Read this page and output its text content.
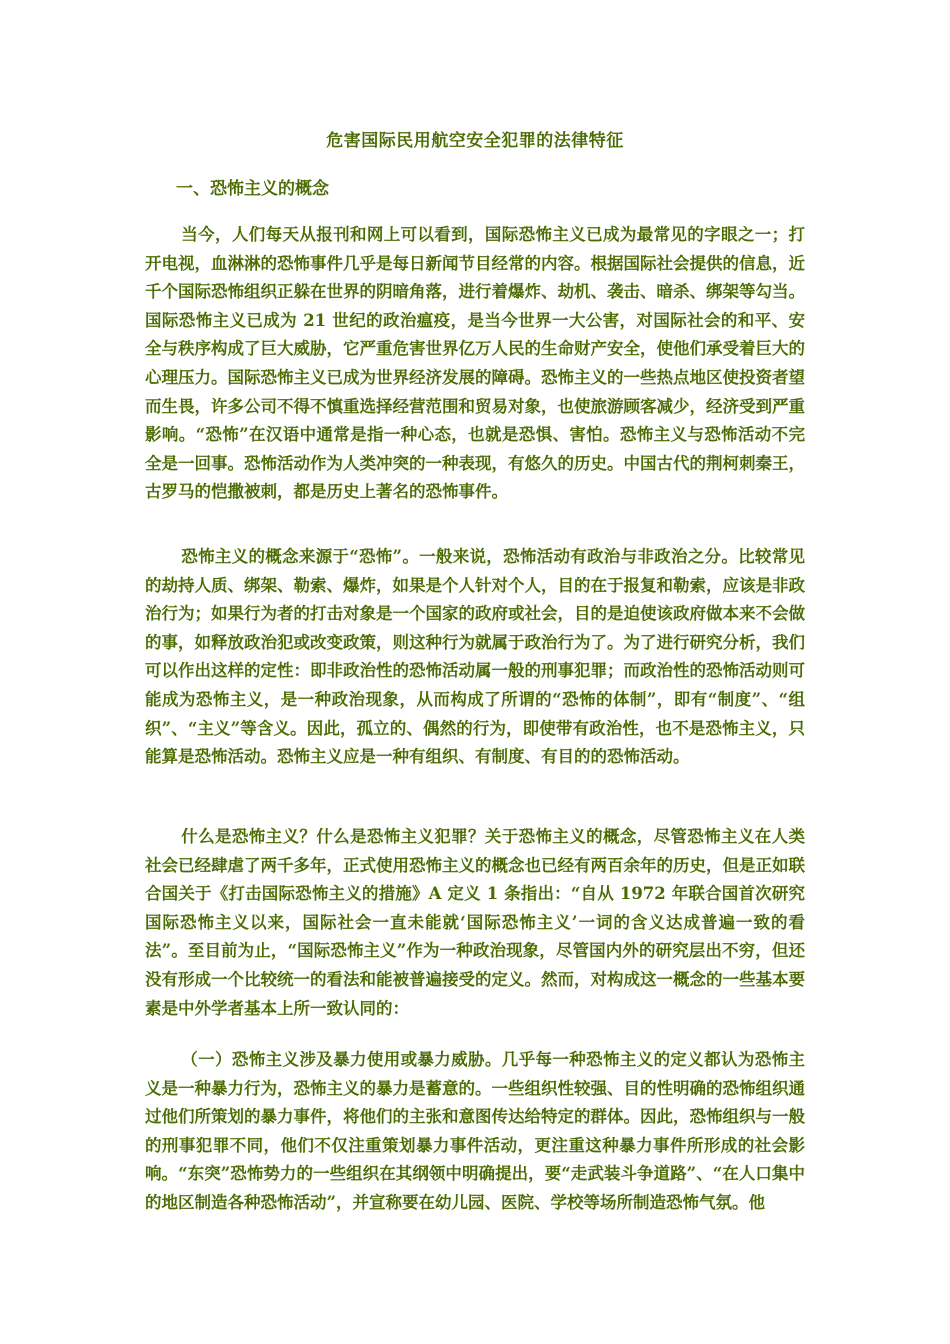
危害国际民用航空安全犯罪的法律特征
一、恐怖主义的概念

当今，人们每天从报刊和网上可以看到，国际恐怖主义已成为最常见的字眼之一；打开电视，血淋淋的恐怖事件几乎是每日新闻节目经常的内容。根据国际社会提供的信息，近千个国际恐怖组织正躲在世界的阴暗角落，进行着爆炸、劫机、袭击、暗杀、绑架等勾当。国际恐怖主义已成为 21 世纪的政治瘟疫，是当今世界一大公害，对国际社会的和平、安全与秩序构成了巨大威胁，它严重危害世界亿万人民的生命财产安全，使他们承受着巨大的心理压力。国际恐怖主义已成为世界经济发展的障碍。恐怖主义的一些热点地区使投资者望而生畏，许多公司不得不慎重选择经营范围和贸易对象，也使旅游顾客减少，经济受到严重影响。“恐怖”在汉语中通常是指一种心态，也就是恐惧、害怕。恐怖主义与恐怖活动不完全是一回事。恐怖活动作为人类冲突的一种表现，有悠久的历史。中国古代的荆柯刺秦王，古罗马的恺撒被刺，都是历史上著名的恐怖事件。

恐怖主义的概念来源于“恐怖”。一般来说，恐怖活动有政治与非政治之分。比较常见的劫持人质、绑架、勒索、爆炸，如果是个人针对个人，目的在于报复和勒索，应该是非政治行为；如果行为者的打击对象是一个国家的政府或社会，目的是迫使该政府做本来不会做的事，如释放政治犯或改变政策，则这种行为就属于政治行为了。为了进行研究分析，我们可以作出这样的定性：即非政治性的恐怖活动属一般的刑事犯罪；而政治性的恐怖活动则可能成为恐怖主义，是一种政治现象，从而构成了所谓的“恐怖的体制”，即有“制度”、“组织”、“主义”等含义。因此，孤立的、偶然的行为，即使带有政治性，也不是恐怖主义，只能算是恐怖活动。恐怖主义应是一种有组织、有制度、有目的的恐怖活动。

什么是恐怖主义？什么是恐怖主义犯罪？关于恐怖主义的概念，尽管恐怖主义在人类社会已经肆虐了两千多年，正式使用恐怖主义的概念也已经有两百余年的历史，但是正如联合国关于《打击国际恐怖主义的措施》A 定义 1 条指出：“自从 1972 年联合国首次研究国际恐怖主义以来，国际社会一直未能就‘国际恐怖主义’一词的含义达成普遍一致的看法”。至目前为止，“国际恐怖主义”作为一种政治现象，尽管国内外的研究层出不穷，但还没有形成一个比较统一的看法和能被普遍接受的定义。然而，对构成这一概念的一些基本要素是中外学者基本上所一致认同的：

（一）恐怖主义涉及暴力使用或暴力威胁。几乎每一种恐怖主义的定义都认为恐怖主义是一种暴力行为，恐怖主义的暴力是蓄意的。一些组织性较强、目的性明确的恐怖组织通过他们所策划的暴力事件，将他们的主张和意图传达给特定的群体。因此，恐怖组织与一般的刑事犯罪不同，他们不仅注重策划暴力事件活动，更注重这种暴力事件所形成的社会影响。“东突”恐怖势力的一些组织在其纲领中明确提出，要“走武装斗争道路”、“在人口集中的地区制造各种恐怖活动”，并宣称要在幼儿园、医院、学校等场所制造恐怖气氛。他
